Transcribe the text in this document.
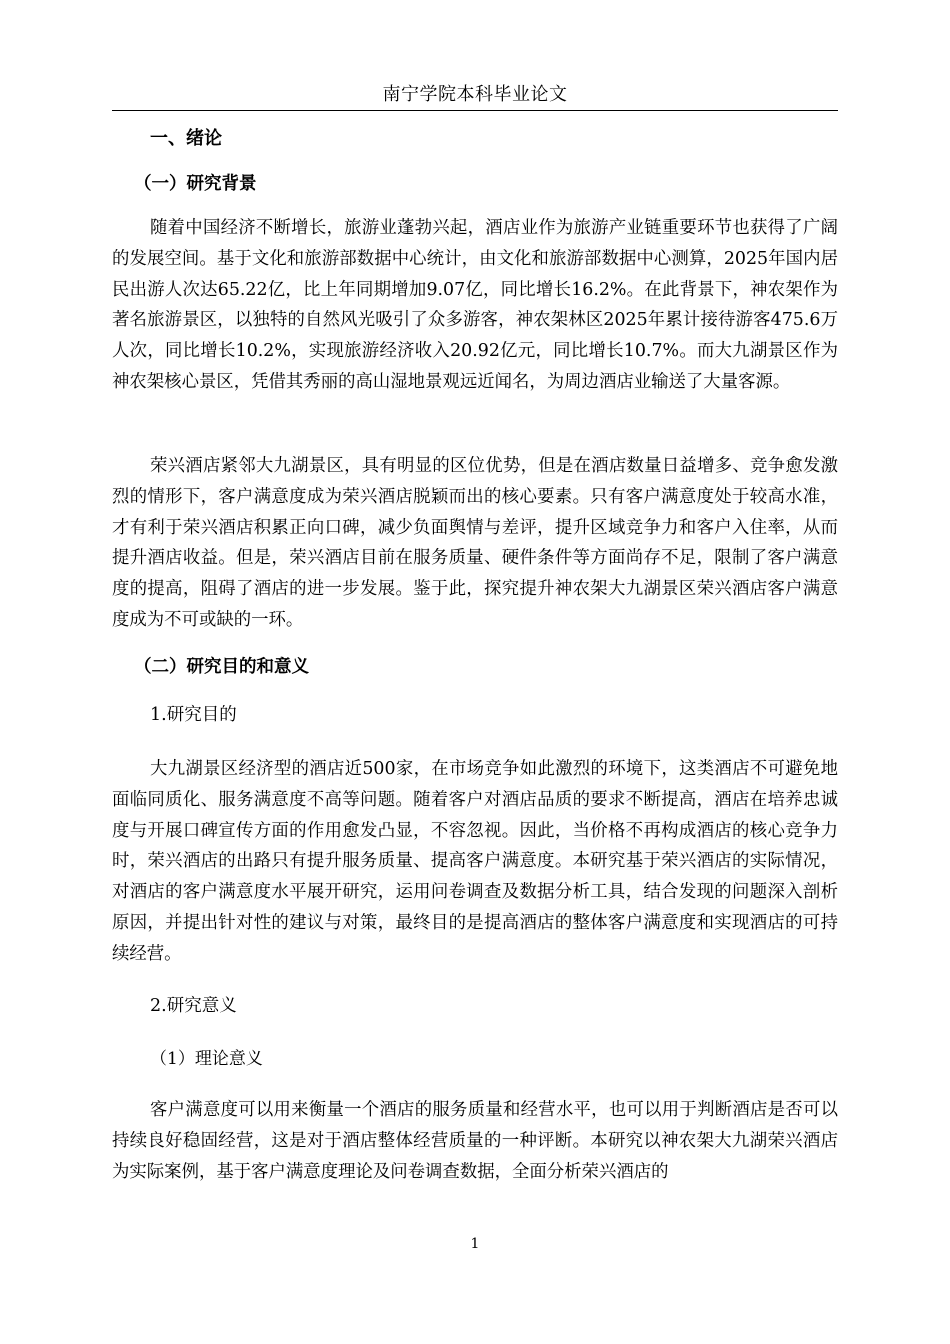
南宁学院本科毕业论文
一、绪论
（一）研究背景

随着中国经济不断增长，旅游业蓬勃兴起，酒店业作为旅游产业链重要环节也获得了广阔的发展空间。基于文化和旅游部数据中心统计，由文化和旅游部数据中心测算，2025年国内居民出游人次达65.22亿，比上年同期增加9.07亿，同比增长16.2%。在此背景下，神农架作为著名旅游景区，以独特的自然风光吸引了众多游客，神农架林区2025年累计接待游客475.6万人次，同比增长10.2%，实现旅游经济收入20.92亿元，同比增长10.7%。而大九湖景区作为神农架核心景区，凭借其秀丽的高山湿地景观远近闻名，为周边酒店业输送了大量客源。

荣兴酒店紧邻大九湖景区，具有明显的区位优势，但是在酒店数量日益增多、竞争愈发激烈的情形下，客户满意度成为荣兴酒店脱颖而出的核心要素。只有客户满意度处于较高水准，才有利于荣兴酒店积累正向口碑，减少负面舆情与差评，提升区域竞争力和客户入住率，从而提升酒店收益。但是，荣兴酒店目前在服务质量、硬件条件等方面尚存不足，限制了客户满意度的提高，阻碍了酒店的进一步发展。鉴于此，探究提升神农架大九湖景区荣兴酒店客户满意度成为不可或缺的一环。

（二）研究目的和意义
1.研究目的

大九湖景区经济型的酒店近500家，在市场竞争如此激烈的环境下，这类酒店不可避免地面临同质化、服务满意度不高等问题。随着客户对酒店品质的要求不断提高，酒店在培养忠诚度与开展口碑宣传方面的作用愈发凸显，不容忽视。因此，当价格不再构成酒店的核心竞争力时，荣兴酒店的出路只有提升服务质量、提高客户满意度。本研究基于荣兴酒店的实际情况，对酒店的客户满意度水平展开研究，运用问卷调查及数据分析工具，结合发现的问题深入剖析原因，并提出针对性的建议与对策，最终目的是提高酒店的整体客户满意度和实现酒店的可持续经营。

2.研究意义
（1）理论意义

客户满意度可以用来衡量一个酒店的服务质量和经营水平，也可以用于判断酒店是否可以持续良好稳固经营，这是对于酒店整体经营质量的一种评断。本研究以神农架大九湖荣兴酒店为实际案例，基于客户满意度理论及问卷调查数据，全面分析荣兴酒店的

1
